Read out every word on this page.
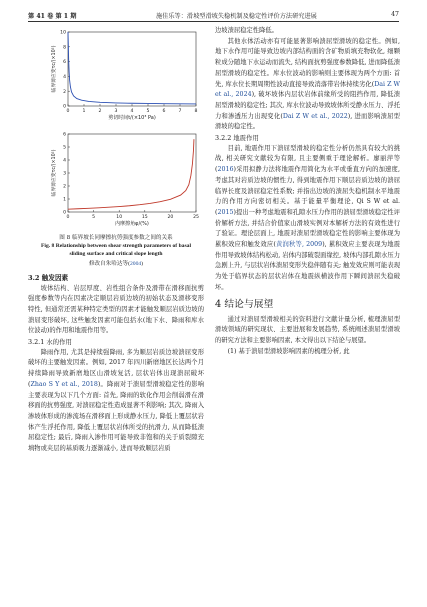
第 41 卷 第 1 期	施佳乐等：滑坡型滑坡失稳机制及稳定性评价方法研究进展	47
0	1	2	3	4	5	6	7	8
0
2
4
6
8
10
剪切时间t/(×10³ Pa)
临界剪应变τc/(×10²)

0	5	10	15	20	25
0
1
2
3
4
5
6
内摩擦角φ/(%)
临界剪应变τc/(×10²)
图 8 临界坡长同摩擦抗剪强度参数之间的关系
Fig. 8 Relationship between shear strength parameters of basal
sliding surface and critical slope length
修改自朱哈达等(2004)
3.2 触发因素
坡体结构、岩层厚度、岩性组合条件及滑带在滑移面抗剪强度参数等内在因素决定顺层岩质边坡的初始状态及滑移变形特性, 但通常还需某种特定类型的因素才能触发顺层岩质边坡的溃屈变形破坏, 这些触发因素可能包括水(地下水、降雨和库水位波动)的作用和地震作用等。
3.2.1 水的作用
降雨作用, 尤其是持续强降雨, 多为顺层岩质边坡溃屈变形破坏的主要触发因素。例如, 2017 年四川新磨地区长达两个月持续降雨导致新磨地区山滑坡复活, 层状岩体出现溃屈破坏(Zhao S Y et al., 2018)。降雨对于溃屈型滑坡稳定性的影响主要表现为以下几个方面: 首先, 降雨的软化作用会削弱滑在滑移面的抗剪强度, 对溃屈稳定性造成显著不利影响; 其次, 降雨入渗坡体形成的渗流场在滑移面上形成静水压力, 降低上覆层状岩体产生浮托作用, 降低上覆层状岩体所受的抗滑力, 从而降低溃屈稳定性; 最后, 降雨入渗作用可能导致非饱和的关于质裂隙充填物或夹层的基质吸力逐渐减小, 进而导致顺层岩质
边坡溃屈稳定性降低。
其他水体活动亦有可能显著影响溃屈型滑坡的稳定性。例如, 地下水作用可能导致边坡内部结构面的含矿物质填充物软化, 细颗粒成分随地下水运动而流失, 结构面抗剪强度参数降低, 进而降低溃屈型滑坡的稳定性。库水位波动的影响则主要体现为两个方面: 首先, 库水位长期周期性波动直接导致消落带岩体持续劣化(Dai Z W et al., 2024), 破坏坡体内层状岩体前缘所受的阻挡作用, 降低溃屈型滑坡的稳定性; 其次, 库水位波动导致坡体所受静水压力、浮托力和渗透压力出现变化(Dai Z W et al., 2022), 进而影响溃屈型滑坡的稳定性。
3.2.2 地震作用
目前, 地震作用下溃屈型滑坡的稳定性分析仍然具有较大的挑战, 相关研究文献较为有限, 且主要侧重于理论解析。廖丽萍等(2016)采用拟静力法将地震作用简化为水平或垂直方向的加速度, 考虑其对岩质边坡的惯性力, 得到地震作用下顺层岩质边坡的溃屈临界长度及溃屈稳定性系数; 并指出边坡的溃屈失稳机制水平地震力的作用方向密切相关。基于能量平衡理论, Qi S W et al. (2015)提出一种考虑地震和孔隙水压力作用的溃屈型滑坡稳定性评价解析方法, 并结合价值家山滑坡实例对本解析方法的有效性进行了验证。理论层面上, 地震对溃屈型滑坡稳定性的影响主要体现为累积效应和触发效应(黄润秋等, 2009), 累积效应主要表现为地震作用导致坡体结构松动, 岩体内部破裂面缘控, 坡体内部孔隙水压力急剧上升, 与层状岩体溃屈变形失稳伴随有关; 触发效应则可能表现为处于临界状态的层状岩体在地震纵横波作用下瞬间溃屈失稳破坏。
4 结论与展望
通过对溃屈型滑坡相关的资料进行文献计量分析, 梳理溃屈型滑坡领域的研究现状、主要进展和发展趋势, 系统阐述溃屈型滑坡的研究方法和主要影响因素, 本文得出以下结论与展望。
(1) 基于溃屈型滑坡影响因素的梳理分析, 此
